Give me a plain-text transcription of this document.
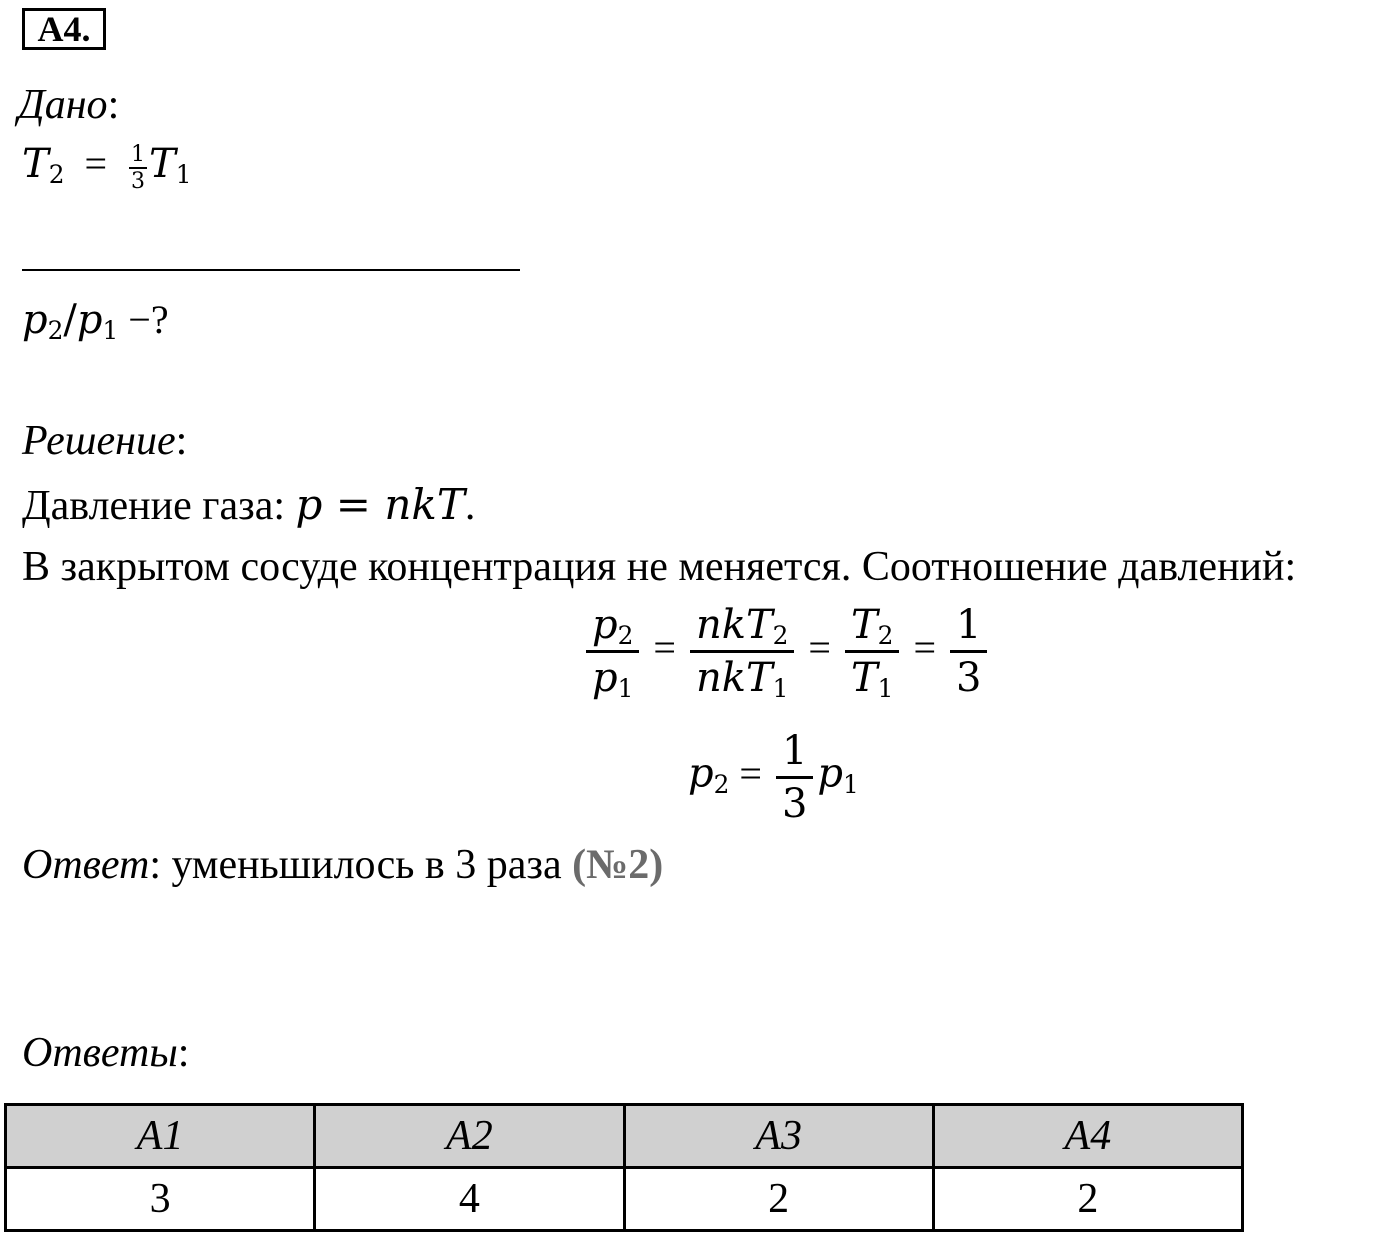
A4.
Дано:
$T_2 = \frac{1}{3} T_1$
$p_2/p_1$ −?
Решение:
Давление газа: p = nkT.
В закрытом сосуде концентрация не меняется. Соотношение давлений:
$\frac{p_2}{p_1} = \frac{nkT_2}{nkT_1} = \frac{T_2}{T_1} = \frac{1}{3}$
$p_2 = \frac{1}{3} p_1$
Ответ: уменьшилось в 3 раза (№2)
Ответы:
A1	A2	A3	A4
3	4	2	2
